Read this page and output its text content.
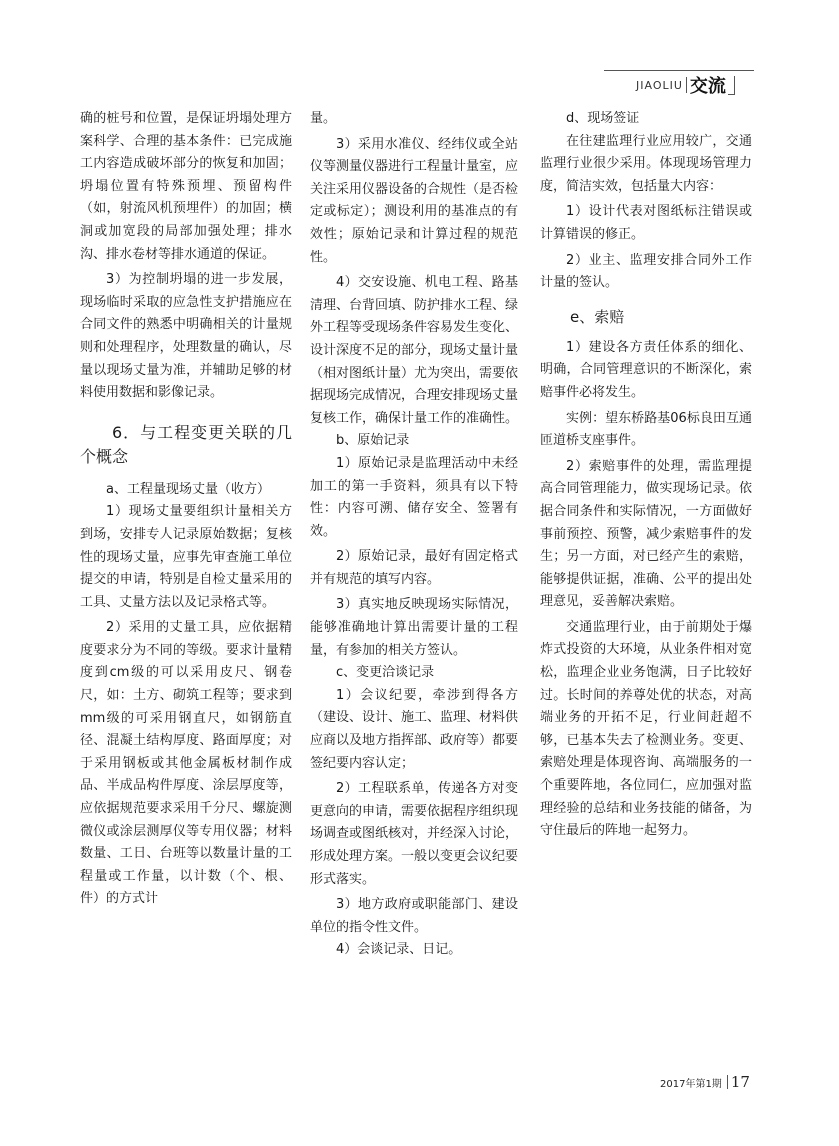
JIAOLIU 交流

确的桩号和位置，是保证坍塌处理方案科学、合理的基本条件：已完成施工内容造成破坏部分的恢复和加固；坍塌位置有特殊预埋、预留构件（如，射流风机预埋件）的加固；横洞或加宽段的局部加强处理；排水沟、排水卷材等排水通道的保证。

3）为控制坍塌的进一步发展，现场临时采取的应急性支护措施应在合同文件的熟悉中明确相关的计量规则和处理程序，处理数量的确认，尽量以现场丈量为准，并辅助足够的材料使用数据和影像记录。

6．与工程变更关联的几个概念

a、工程量现场丈量（收方）

1）现场丈量要组织计量相关方到场，安排专人记录原始数据；复核性的现场丈量，应事先审查施工单位提交的申请，特别是自检丈量采用的工具、丈量方法以及记录格式等。

2）采用的丈量工具，应依据精度要求分为不同的等级。要求计量精度到cm级的可以采用皮尺、钢卷尺，如：土方、砌筑工程等；要求到mm级的可采用钢直尺，如钢筋直径、混凝土结构厚度、路面厚度；对于采用钢板或其他金属板材制作成品、半成品构件厚度、涂层厚度等，应依据规范要求采用千分尺、螺旋测微仪或涂层测厚仪等专用仪器；材料数量、工日、台班等以数量计量的工程量或工作量，以计数（个、根、件）的方式计

量。

3）采用水准仪、经纬仪或全站仪等测量仪器进行工程量计量室，应关注采用仪器设备的合规性（是否检定或标定）；测设利用的基准点的有效性；原始记录和计算过程的规范性。

4）交安设施、机电工程、路基清理、台背回填、防护排水工程、绿外工程等受现场条件容易发生变化、设计深度不足的部分，现场丈量计量（相对图纸计量）尤为突出，需要依据现场完成情况，合理安排现场丈量复核工作，确保计量工作的准确性。

b、原始记录

1）原始记录是监理活动中未经加工的第一手资料，须具有以下特性：内容可溯、储存安全、签署有效。

2）原始记录，最好有固定格式并有规范的填写内容。

3）真实地反映现场实际情况，能够准确地计算出需要计量的工程量，有参加的相关方签认。

c、变更洽谈记录

1）会议纪要，牵涉到得各方（建设、设计、施工、监理、材料供应商以及地方指挥部、政府等）都要签纪要内容认定；

2）工程联系单，传递各方对变更意向的申请，需要依据程序组织现场调查或图纸核对，并经深入讨论，形成处理方案。一般以变更会议纪要形式落实。

3）地方政府或职能部门、建设单位的指令性文件。

4）会谈记录、日记。

d、现场签证

在往建监理行业应用较广，交通监理行业很少采用。体现现场管理力度，简洁实效，包括量大内容：

1）设计代表对图纸标注错误或计算错误的修正。

2）业主、监理安排合同外工作计量的签认。

e、索赔

1）建设各方责任体系的细化、明确，合同管理意识的不断深化，索赔事件必将发生。

实例：望东桥路基06标良田互通匝道桥支座事件。

2）索赔事件的处理，需监理提高合同管理能力，做实现场记录。依据合同条件和实际情况，一方面做好事前预控、预警，减少索赔事件的发生；另一方面，对已经产生的索赔，能够提供证据，准确、公平的提出处理意见，妥善解决索赔。

交通监理行业，由于前期处于爆炸式投资的大环境，从业条件相对宽松，监理企业业务饱满，日子比较好过。长时间的养尊处优的状态，对高端业务的开拓不足，行业间赶超不够，已基本失去了检测业务。变更、索赔处理是体现咨询、高端服务的一个重要阵地，各位同仁，应加强对监理经验的总结和业务技能的储备，为守住最后的阵地一起努力。

2017年第1期 17
